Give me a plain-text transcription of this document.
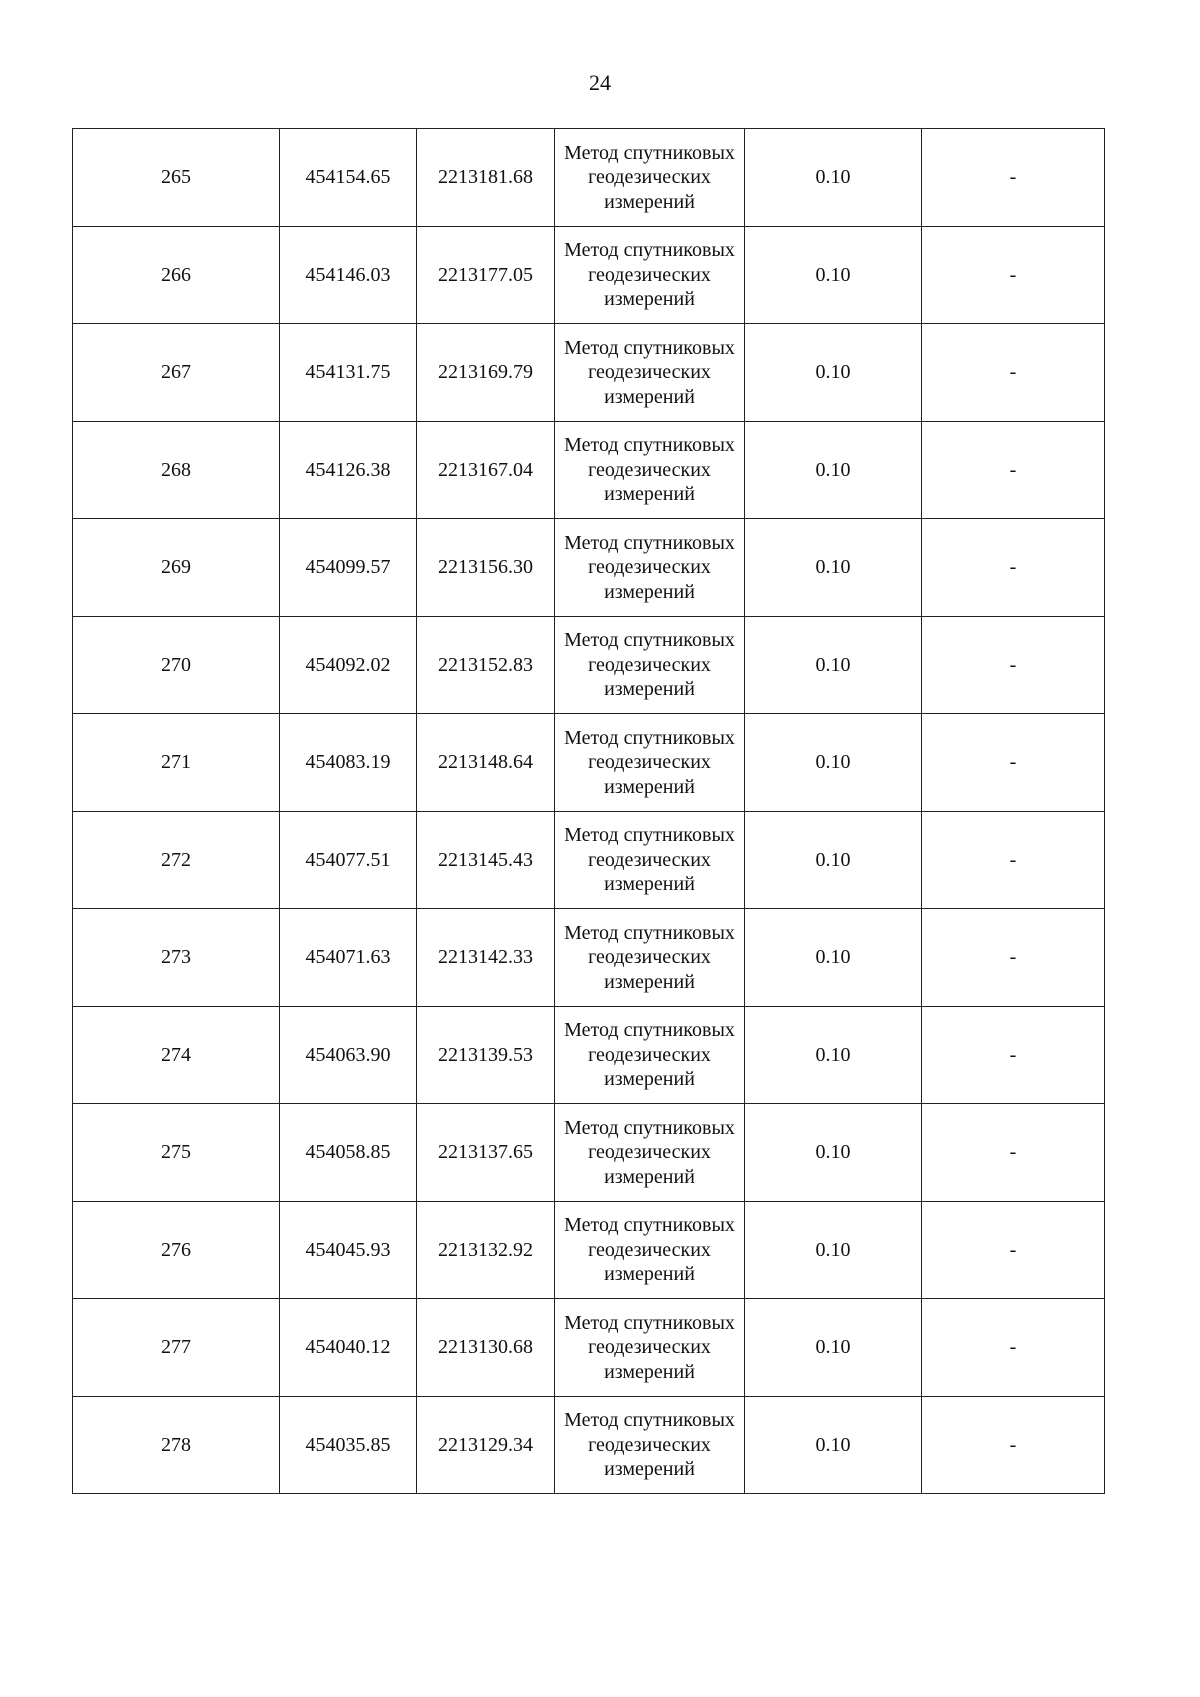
24
265	454154.65	2213181.68	Метод спутниковых геодезических измерений	0.10	-
266	454146.03	2213177.05	Метод спутниковых геодезических измерений	0.10	-
267	454131.75	2213169.79	Метод спутниковых геодезических измерений	0.10	-
268	454126.38	2213167.04	Метод спутниковых геодезических измерений	0.10	-
269	454099.57	2213156.30	Метод спутниковых геодезических измерений	0.10	-
270	454092.02	2213152.83	Метод спутниковых геодезических измерений	0.10	-
271	454083.19	2213148.64	Метод спутниковых геодезических измерений	0.10	-
272	454077.51	2213145.43	Метод спутниковых геодезических измерений	0.10	-
273	454071.63	2213142.33	Метод спутниковых геодезических измерений	0.10	-
274	454063.90	2213139.53	Метод спутниковых геодезических измерений	0.10	-
275	454058.85	2213137.65	Метод спутниковых геодезических измерений	0.10	-
276	454045.93	2213132.92	Метод спутниковых геодезических измерений	0.10	-
277	454040.12	2213130.68	Метод спутниковых геодезических измерений	0.10	-
278	454035.85	2213129.34	Метод спутниковых геодезических измерений	0.10	-
